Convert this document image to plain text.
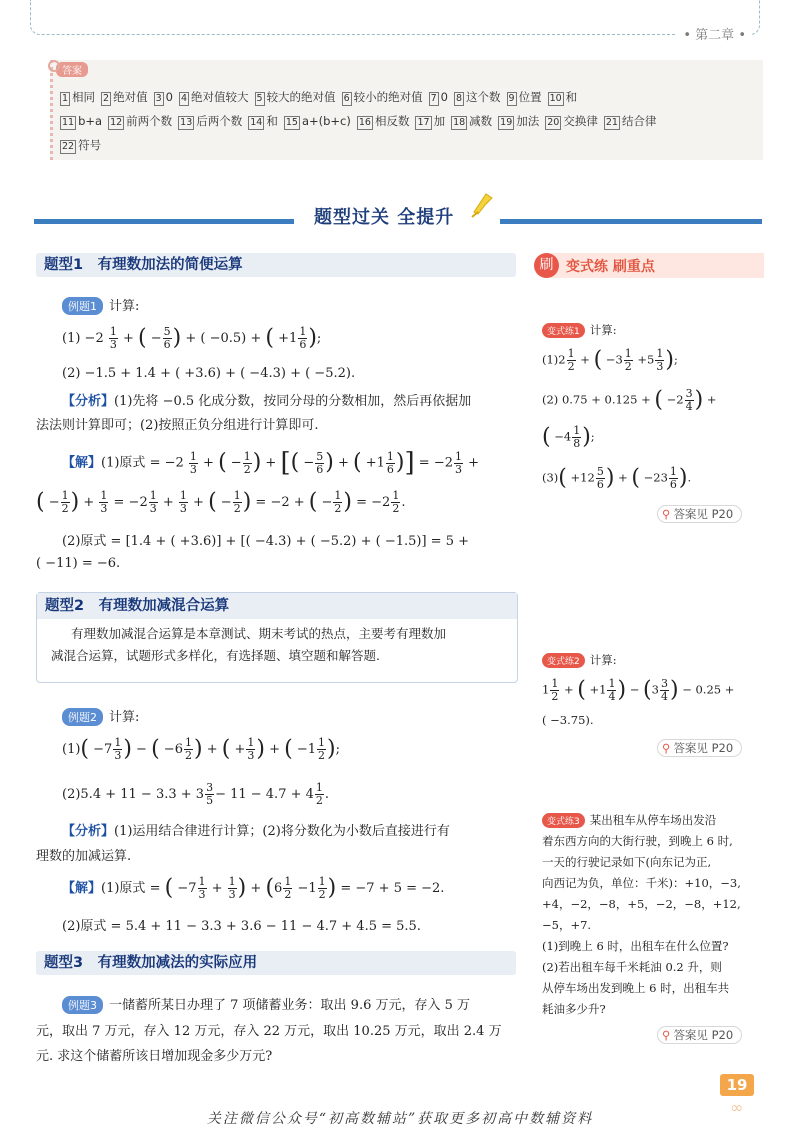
• 第二章 •
答案
1 相同 2 绝对值 3 0 4 绝对值较大 5 较大的绝对值 6 较小的绝对值 7 0 8 这个数 9 位置 10 和
11 b+a 12 前两个数 13 后两个数 14 和 15 a+(b+c) 16 相反数 17 加 18 减数 19 加法 20 交换律 21 结合律
22 符号
题型过关 全提升
题型1　有理数加法的简便运算
例题1 计算:
$(1) -2 \frac{1}{3}$ + ( − $\frac{5}{6}$ ) + ( −0.5) + ( $+1 \frac{1}{6}$ );
(2) −1.5 + 1.4 + ( +3.6) + ( −4.3) + ( −5.2).
【分析】(1)先将 −0.5 化成分数，按同分母的分数相加，然后再依据加
法法则计算即可；(2)按照正负分组进行计算即可.
【解】(1)原式 = $-2 \frac{1}{3}$ + ( − $\frac{1}{2}$ ) + [( − $\frac{5}{6}$ ) + ( $+1 \frac{1}{6}$ )] = $-2 \frac{1}{3}$ +
( − $\frac{1}{2}$ ) + $\frac{1}{3} = -2 \frac{1}{3} + \frac{1}{3}$ + ( − $\frac{1}{2}$ ) = −2 + ( − $\frac{1}{2}$ ) = $-2 \frac{1}{2}$ .
(2)原式 = [1.4 + ( +3.6)] + [( −4.3) + ( −5.2) + ( −1.5)] = 5 +
( −11) = −6.
题型2　有理数加减混合运算
有理数加减混合运算是本章测试、期末考试的热点，主要考有理数加
减混合运算，试题形式多样化，有选择题、填空题和解答题.
例题2 计算:
$(1)( -7 \frac{1}{3}$ ) − ( $-6 \frac{1}{2}$ ) + ( + $\frac{1}{3}$ ) + ( $-1 \frac{1}{2}$ );
$(2)5.4 + 11 - 3.3 + 3 \frac{3}{5} - 11 - 4.7 + 4 \frac{1}{2}$ .
【分析】(1)运用结合律进行计算；(2)将分数化为小数后直接进行有
理数的加减运算.
【解】(1)原式 = ( $-7 \frac{1}{3} + \frac{1}{3}$ ) + ($6 \frac{1}{2} -1 \frac{1}{2}$ ) = −7 + 5 = −2.
(2)原式 = 5.4 + 11 − 3.3 + 3.6 − 11 − 4.7 + 4.5 = 5.5.
题型3　有理数加减法的实际应用
例题3 一储蓄所某日办理了 7 项储蓄业务：取出 9.6 万元，存入 5 万
元，取出 7 万元，存入 12 万元，存入 22 万元，取出 10.25 万元，取出 2.4 万
元. 求这个储蓄所该日增加现金多少万元?
刷 变式练 刷重点
变式练1 计算:
$(1)2 \frac{1}{2}$ + ( $-3 \frac{1}{2} +5 \frac{1}{3}$ );
(2) 0.75 + 0.125 + ( $-2 \frac{3}{4}$ ) +
( $-4 \frac{1}{8}$ );
$(3)( +12 \frac{5}{6}$ ) + ( $-23 \frac{1}{6}$ ).
⚲ 答案见 P20
变式练2 计算:
$1 \frac{1}{2}$ + ( $+1 \frac{1}{4}$ ) − ($3 \frac{3}{4}$ ) − 0.25 +
( −3.75).
⚲ 答案见 P20
变式练3 某出租车从停车场出发沿
着东西方向的大街行驶，到晚上 6 时,
一天的行驶记录如下(向东记为正,
向西记为负，单位：千米)：+10，−3,
+4，−2，−8，+5，−2，−8，+12,
−5，+7.
(1)到晚上 6 时，出租车在什么位置?
(2)若出租车每千米耗油 0.2 升，则
从停车场出发到晚上 6 时，出租车共
耗油多少升?
⚲ 答案见 P20
19
∞
关注微信公众号“初高数辅站”获取更多初高中数辅资料
